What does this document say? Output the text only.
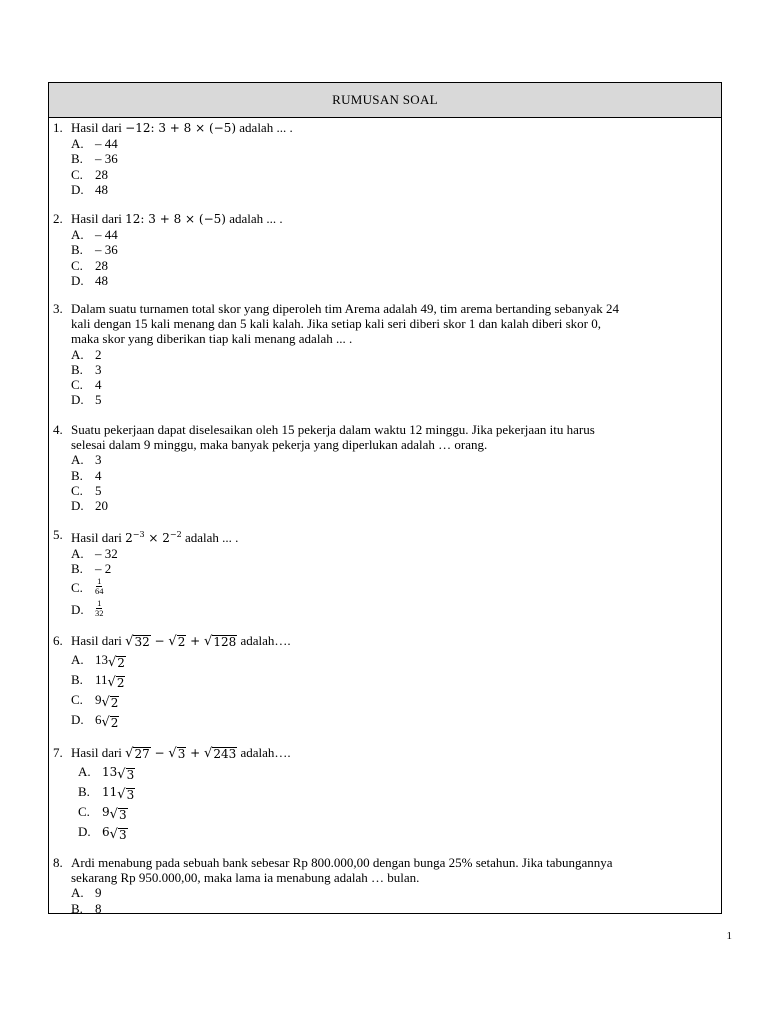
RUMUSAN SOAL
1. Hasil dari −12: 3 + 8 × (−5) adalah ... .
A. – 44
B. – 36
C. 28
D. 48
2. Hasil dari 12: 3 + 8 × (−5) adalah ... .
A. – 44
B. – 36
C. 28
D. 48
3. Dalam suatu turnamen total skor yang diperoleh tim Arema adalah 49, tim arema bertanding sebanyak 24
kali dengan 15 kali menang dan 5 kali kalah. Jika setiap kali seri diberi skor 1 dan kalah diberi skor 0,
maka skor yang diberikan tiap kali menang adalah ... .
A. 2
B. 3
C. 4
D. 5
4. Suatu pekerjaan dapat diselesaikan oleh 15 pekerja dalam waktu 12 minggu. Jika pekerjaan itu harus
selesai dalam 9 minggu, maka banyak pekerja yang diperlukan adalah … orang.
A. 3
B. 4
C. 5
D. 20
5. Hasil dari $2^{-3} \times 2^{-2}$ adalah ... .
A. – 32
B. – 2
C.	$\frac{1}{64}$
D.	$\frac{1}{32}$
6. Hasil dari √ 32 − √ 2 + √ 128 adalah….
A. 13 √ 2
B. 11 √ 2
C. 9 √ 2
D. 6 √ 2
7. Hasil dari √ 27 − √ 3 + √ 243 adalah….
A. 13 √ 3
B.	11 √ 3
C.	9 √ 3
D. 6 √ 3
8. Ardi menabung pada sebuah bank sebesar Rp 800.000,00 dengan bunga 25% setahun. Jika tabungannya
sekarang Rp 950.000,00, maka lama ia menabung adalah … bulan.
A. 9
B. 8
1
